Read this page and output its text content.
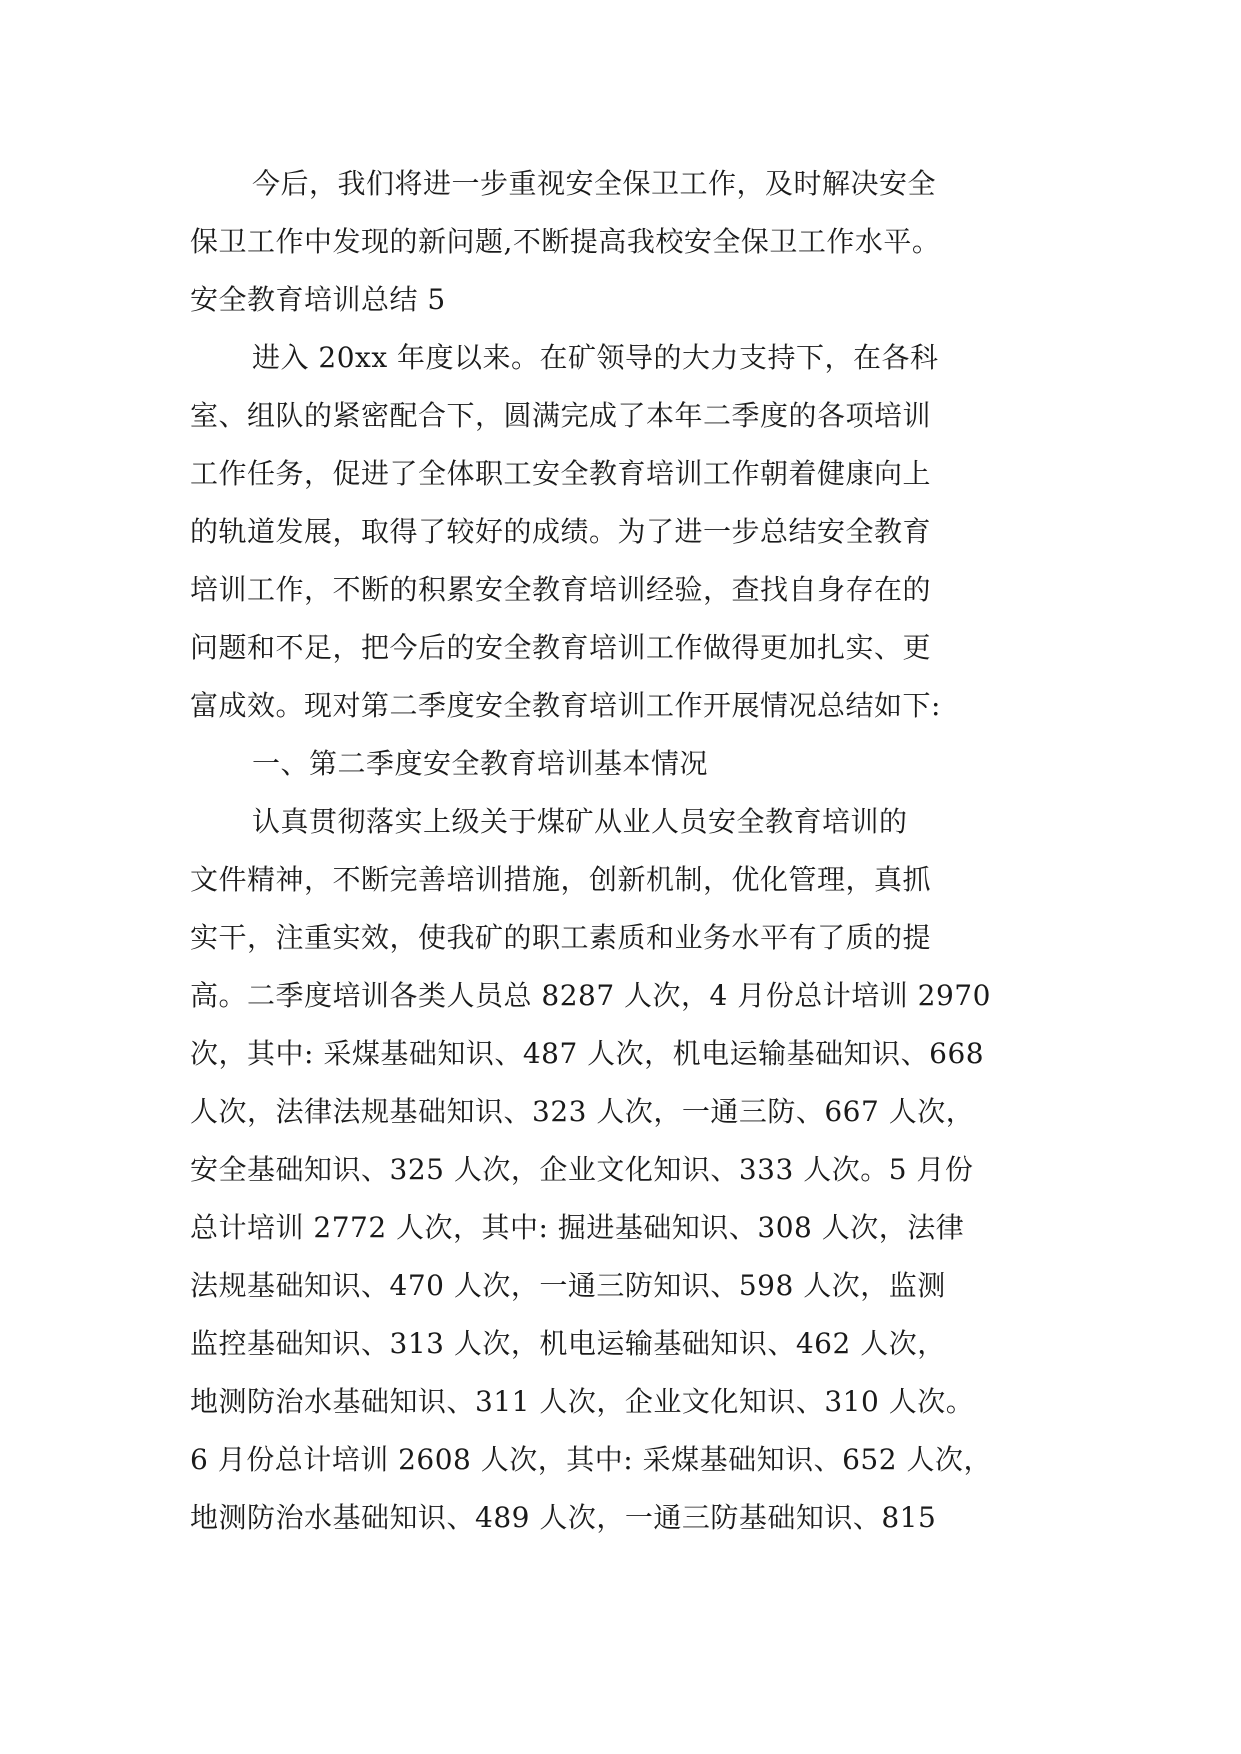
今后，我们将进一步重视安全保卫工作，及时解决安全

保卫工作中发现的新问题,不断提高我校安全保卫工作水平。

安全教育培训总结 5

进入 20xx 年度以来。在矿领导的大力支持下，在各科

室、组队的紧密配合下，圆满完成了本年二季度的各项培训

工作任务，促进了全体职工安全教育培训工作朝着健康向上

的轨道发展，取得了较好的成绩。为了进一步总结安全教育

培训工作，不断的积累安全教育培训经验，查找自身存在的

问题和不足，把今后的安全教育培训工作做得更加扎实、更

富成效。现对第二季度安全教育培训工作开展情况总结如下:

一、第二季度安全教育培训基本情况

认真贯彻落实上级关于煤矿从业人员安全教育培训的

文件精神，不断完善培训措施，创新机制，优化管理，真抓

实干，注重实效，使我矿的职工素质和业务水平有了质的提

高。二季度培训各类人员总 8287 人次，4 月份总计培训 2970

次，其中: 采煤基础知识、487 人次，机电运输基础知识、668

人次，法律法规基础知识、323 人次，一通三防、667 人次，

安全基础知识、325 人次，企业文化知识、333 人次。5 月份

总计培训 2772 人次，其中: 掘进基础知识、308 人次，法律

法规基础知识、470 人次，一通三防知识、598 人次，监测

监控基础知识、313 人次，机电运输基础知识、462 人次，

地测防治水基础知识、311 人次，企业文化知识、310 人次。

6 月份总计培训 2608 人次，其中: 采煤基础知识、652 人次，

地测防治水基础知识、489 人次，一通三防基础知识、815
